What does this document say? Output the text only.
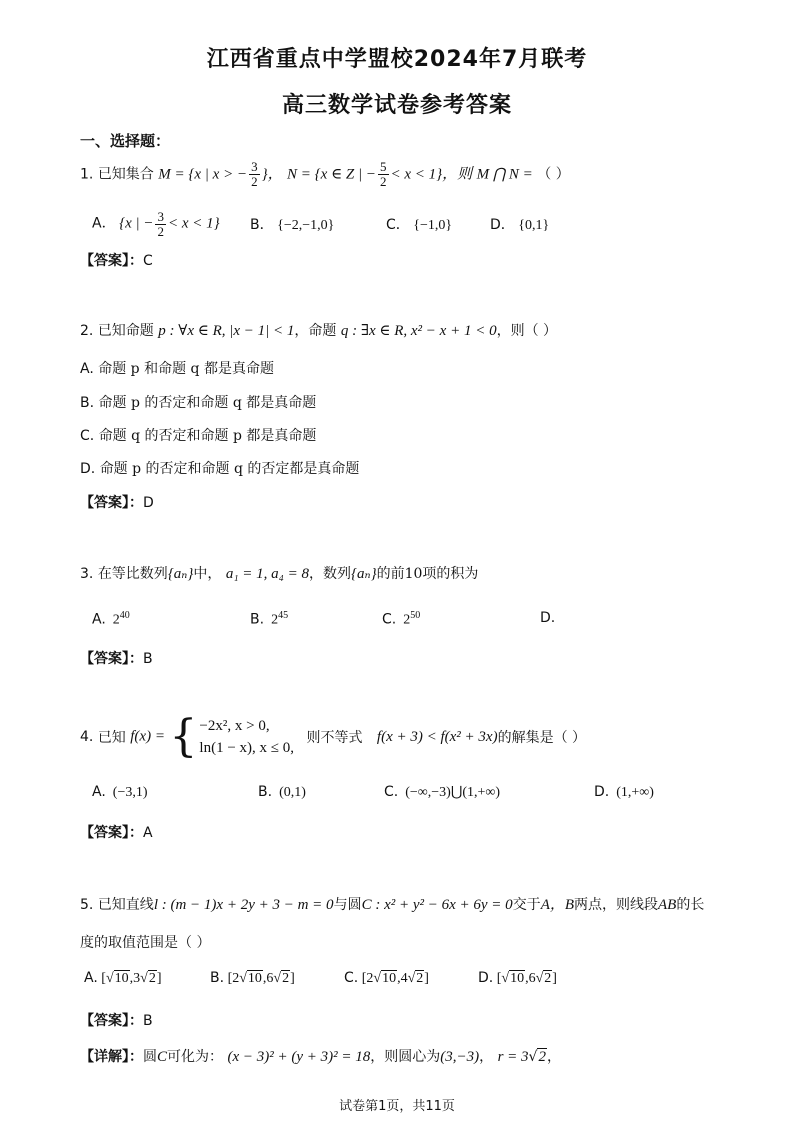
江西省重点中学盟校2024年7月联考
高三数学试卷参考答案
一、选择题：
1. 已知集合 M = {x | x > − $\frac{3}{2}$ }， N = {x ∈ Z | − $\frac{5}{2} < x < 1$}，则 M ⋂ N = （ ）
A． {x | − $\frac{3}{2} < x < 1$} B． {−2,−1,0}	C． {−1,0}	D． {0,1}
【答案】：C
2. 已知命题 p : ∀x ∈ R, |x − 1| < 1，命题 q : ∃x ∈ R, x² − x + 1 < 0，则（ ）
A. 命题 p 和命题 q 都是真命题
B. 命题 p 的否定和命题 q 都是真命题
C. 命题 q 的否定和命题 p 都是真命题
D. 命题 p 的否定和命题 q 的否定都是真命题
【答案】：D
3. 在等比数列{aₙ}中， a₁ = 1, a₄ = 8，数列{aₙ}的前10项的积为
A. $2^{40}$	B. $2^{45}$	C. $2^{50}$	D.
【答案】：B
4. 已知 f(x) = { −2x², x > 0,
ln(1 − x), x ≤ 0,
则不等式 f(x + 3) < f(x² + 3x)的解集是（ ）
A. (−3,1)	B. (0,1)	C. (−∞,−3)⋃(1,+∞)	D. (1,+∞)
【答案】：A
5. 已知直线l : (m − 1)x + 2y + 3 − m = 0与圆C : x² + y² − 6x + 6y = 0交于A，B两点，则线段AB的长
度的取值范围是（ ）
A. [√10,3√2]	B. [2√10,6√2]	C. [2√10,4√2]	D. [√10,6√2]
【答案】：B
【详解】：圆C可化为： (x − 3)² + (y + 3)² = 18，则圆心为(3,−3)， r = 3√2，
试卷第1页，共11页
